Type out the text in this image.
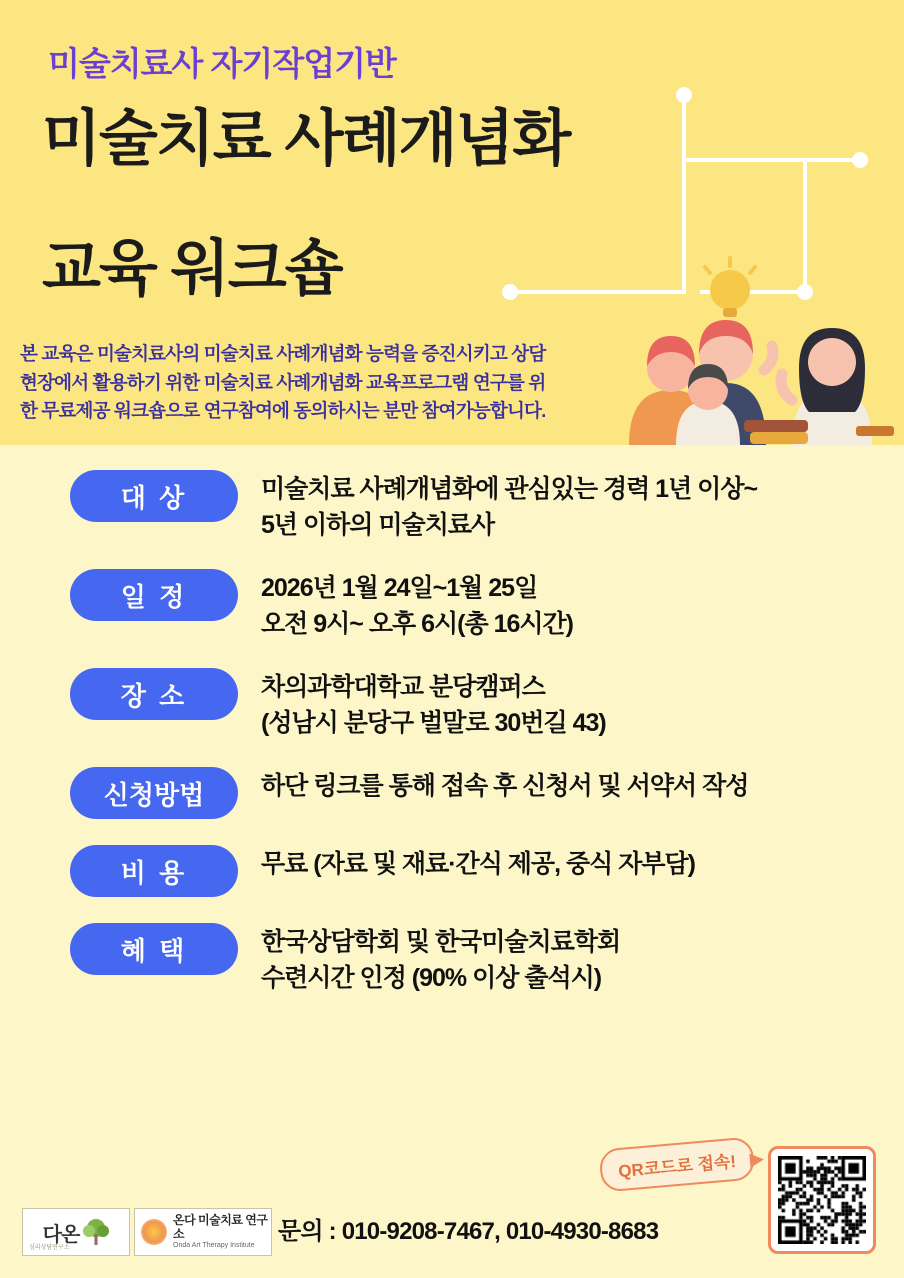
미술치료사 자기작업기반
미술치료 사례개념화
교육 워크숍
본 교육은 미술치료사의 미술치료 사례개념화 능력을 증진시키고 상담
현장에서 활용하기 위한 미술치료 사례개념화 교육프로그램 연구를 위
한 무료제공 워크숍으로 연구참여에 동의하시는 분만 참여가능합니다.
대 상	미술치료 사례개념화에 관심있는 경력 1년 이상~
5년 이하의 미술치료사
일 정	2026년 1월 24일~1월 25일
오전 9시~ 오후 6시(총 16시간)
장 소	차의과학대학교 분당캠퍼스
(성남시 분당구 벌말로 30번길 43)
신청방법	하단 링크를 통해 접속 후 신청서 및 서약서 작성
비 용	무료 (자료 및 재료·간식 제공, 중식 자부담)
혜 택	한국상담학회 및 한국미술치료학회
수련시간 인정 (90% 이상 출석시)
QR코드로 접속!
문의 : 010-9208-7467, 010-4930-8683
다온
심리상담연구소
온다 미술치료 연구소
Onda Art Therapy Institute
